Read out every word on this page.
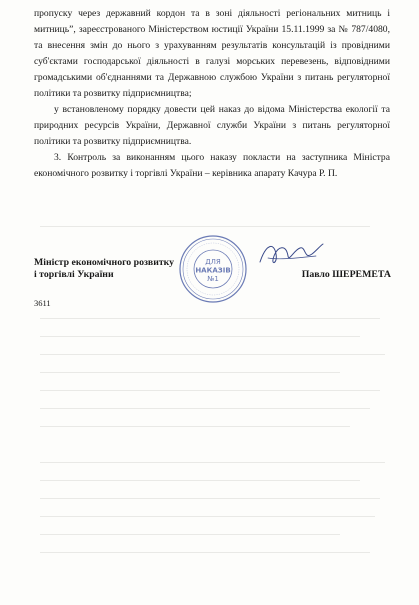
пропуску через державний кордон та в зоні діяльності регіональних митниць і митниць”, зареєстрованого Міністерством юстиції України 15.11.1999 за № 787/4080, та внесення змін до нього з урахуванням результатів консультацій із провідними суб'єктами господарської діяльності в галузі морських перевезень, відповідними громадськими об'єднаннями та Державною службою України з питань регуляторної політики та розвитку підприємництва;

у встановленому порядку довести цей наказ до відома Міністерства екології та природних ресурсів України, Державної служби України з питань регуляторної політики та розвитку підприємництва.

3. Контроль за виконанням цього наказу покласти на заступника Міністра економічного розвитку і торгівлі України – керівника апарату Качура Р. П.

ДЛЯ
НАКАЗІВ
№1
Міністр економічного розвитку
і торгівлі України	Павло ШЕРЕМЕТА
3611
